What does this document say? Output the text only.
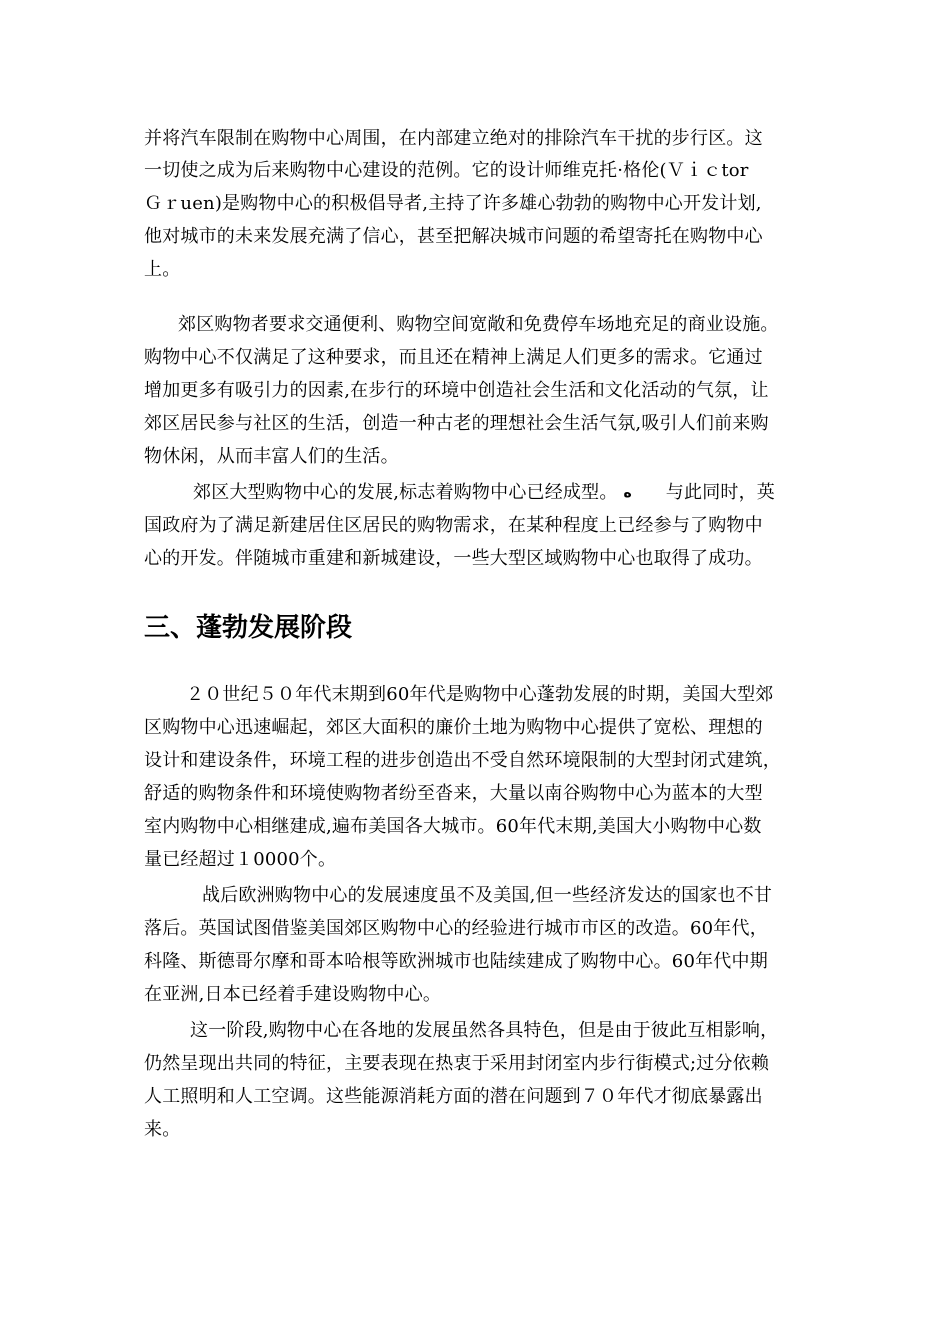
并将汽车限制在购物中心周围，在内部建立绝对的排除汽车干扰的步行区。这
一切使之成为后来购物中心建设的范例。它的设计师维克托·格伦(Ｖｉｃtor
Ｇｒuen)是购物中心的积极倡导者,主持了许多雄心勃勃的购物中心开发计划,
他对城市的未来发展充满了信心，甚至把解决城市问题的希望寄托在购物中心
上。
郊区购物者要求交通便利、购物空间宽敞和免费停车场地充足的商业设施。
购物中心不仅满足了这种要求，而且还在精神上满足人们更多的需求。它通过
增加更多有吸引力的因素,在步行的环境中创造社会生活和文化活动的气氛，让
郊区居民参与社区的生活，创造一种古老的理想社会生活气氛,吸引人们前来购
物休闲，从而丰富人们的生活。
郊区大型购物中心的发展,标志着购物中心已经成型。 ه 与此同时，英
国政府为了满足新建居住区居民的购物需求，在某种程度上已经参与了购物中
心的开发。伴随城市重建和新城建设，一些大型区域购物中心也取得了成功。
三、蓬勃发展阶段
２０世纪５０年代末期到60年代是购物中心蓬勃发展的时期，美国大型郊
区购物中心迅速崛起，郊区大面积的廉价土地为购物中心提供了宽松、理想的
设计和建设条件，环境工程的进步创造出不受自然环境限制的大型封闭式建筑，
舒适的购物条件和环境使购物者纷至沓来，大量以南谷购物中心为蓝本的大型
室内购物中心相继建成,遍布美国各大城市。60年代末期,美国大小购物中心数
量已经超过１0000个。
战后欧洲购物中心的发展速度虽不及美国,但一些经济发达的国家也不甘
落后。英国试图借鉴美国郊区购物中心的经验进行城市市区的改造。60年代，
科隆、斯德哥尔摩和哥本哈根等欧洲城市也陆续建成了购物中心。60年代中期
在亚洲,日本已经着手建设购物中心。
这一阶段,购物中心在各地的发展虽然各具特色，但是由于彼此互相影响，
仍然呈现出共同的特征，主要表现在热衷于采用封闭室内步行街模式;过分依赖
人工照明和人工空调。这些能源消耗方面的潜在问题到７０年代才彻底暴露出
来。
